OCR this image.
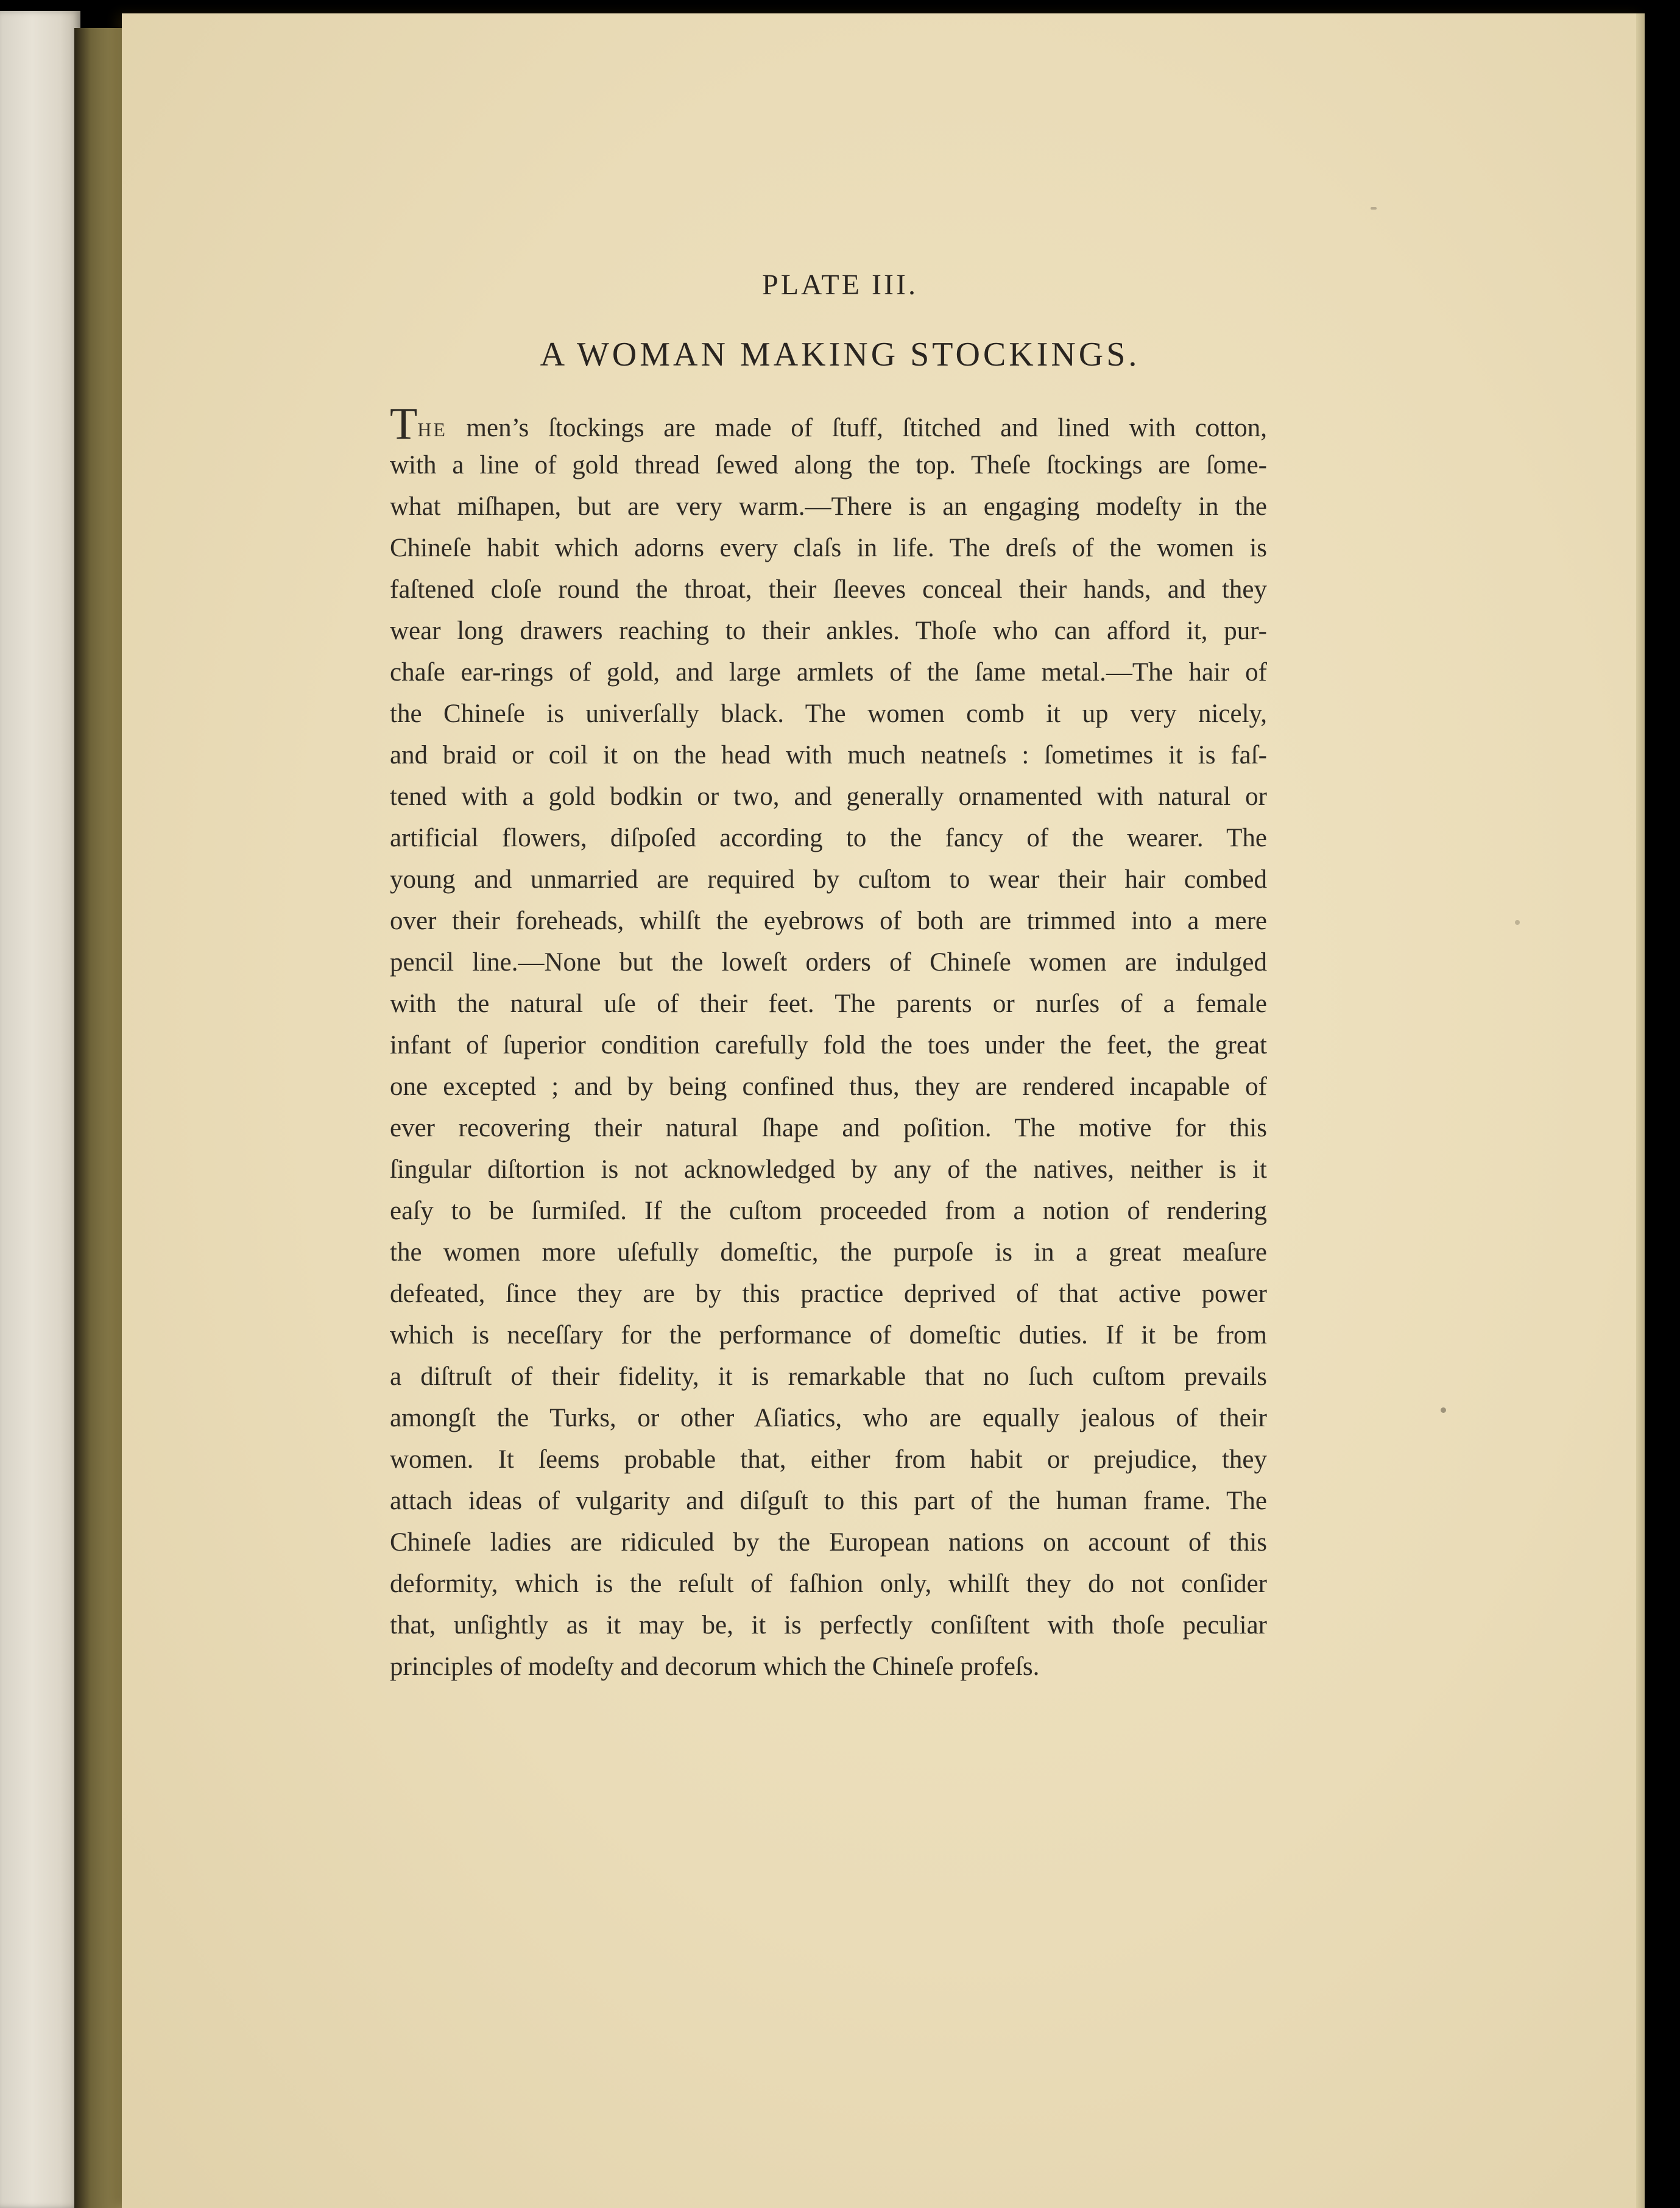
PLATE III.
A WOMAN MAKING STOCKINGS.
THE men’s ſtockings are made of ſtuff, ſtitched and lined with cotton,
with a line of gold thread ſewed along the top. Theſe ſtockings are ſome-
what miſhapen, but are very warm.—There is an engaging modeſty in the
Chineſe habit which adorns every claſs in life. The dreſs of the women is
faſtened cloſe round the throat, their ſleeves conceal their hands, and they
wear long drawers reaching to their ankles. Thoſe who can afford it, pur-
chaſe ear-rings of gold, and large armlets of the ſame metal.—The hair of
the Chineſe is univerſally black. The women comb it up very nicely,
and braid or coil it on the head with much neatneſs : ſometimes it is faſ-
tened with a gold bodkin or two, and generally ornamented with natural or
artificial flowers, diſpoſed according to the fancy of the wearer. The
young and unmarried are required by cuſtom to wear their hair combed
over their foreheads, whilſt the eyebrows of both are trimmed into a mere
pencil line.—None but the loweſt orders of Chineſe women are indulged
with the natural uſe of their feet. The parents or nurſes of a female
infant of ſuperior condition carefully fold the toes under the feet, the great
one excepted ; and by being confined thus, they are rendered incapable of
ever recovering their natural ſhape and poſition. The motive for this
ſingular diſtortion is not acknowledged by any of the natives, neither is it
eaſy to be ſurmiſed. If the cuſtom proceeded from a notion of rendering
the women more uſefully domeſtic, the purpoſe is in a great meaſure
defeated, ſince they are by this practice deprived of that active power
which is neceſſary for the performance of domeſtic duties. If it be from
a diſtruſt of their fidelity, it is remarkable that no ſuch cuſtom prevails
amongſt the Turks, or other Aſiatics, who are equally jealous of their
women. It ſeems probable that, either from habit or prejudice, they
attach ideas of vulgarity and diſguſt to this part of the human frame. The
Chineſe ladies are ridiculed by the European nations on account of this
deformity, which is the reſult of faſhion only, whilſt they do not conſider
that, unſightly as it may be, it is perfectly conſiſtent with thoſe peculiar
principles of modeſty and decorum which the Chineſe profeſs.
